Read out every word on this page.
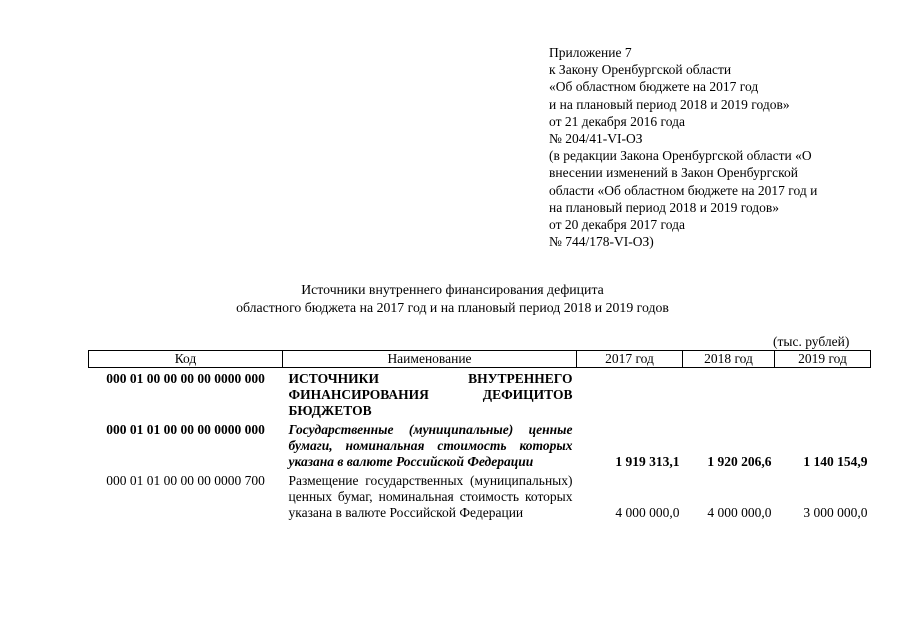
Приложение 7
к Закону Оренбургской области
«Об областном бюджете на 2017 год
и на плановый период 2018 и 2019 годов»
от 21 декабря 2016 года
№ 204/41-VI-ОЗ
(в редакции Закона Оренбургской области «О
внесении изменений в Закон Оренбургской
области «Об областном бюджете на 2017 год и
на плановый период 2018 и 2019 годов»
от 20 декабря 2017 года
№ 744/178-VI-ОЗ)
Источники внутреннего финансирования дефицита
областного бюджета на 2017 год и на плановый период 2018 и 2019 годов
(тыс. рублей)
Код	Наименование	2017 год	2018 год	2019 год
000 01 00 00 00 00 0000 000	ИСТОЧНИКИ ВНУТРЕННЕГО ФИНАНСИРОВАНИЯ ДЕФИЦИТОВ БЮДЖЕТОВ			
000 01 01 00 00 00 0000 000	Государственные (муниципальные) ценные бумаги, номинальная стоимость которых указана в валюте Российской Федерации	1 919 313,1	1 920 206,6	1 140 154,9
000 01 01 00 00 00 0000 700	Размещение государственных (муниципальных) ценных бумаг, номинальная стоимость которых указана в валюте Российской Федерации	4 000 000,0	4 000 000,0	3 000 000,0
